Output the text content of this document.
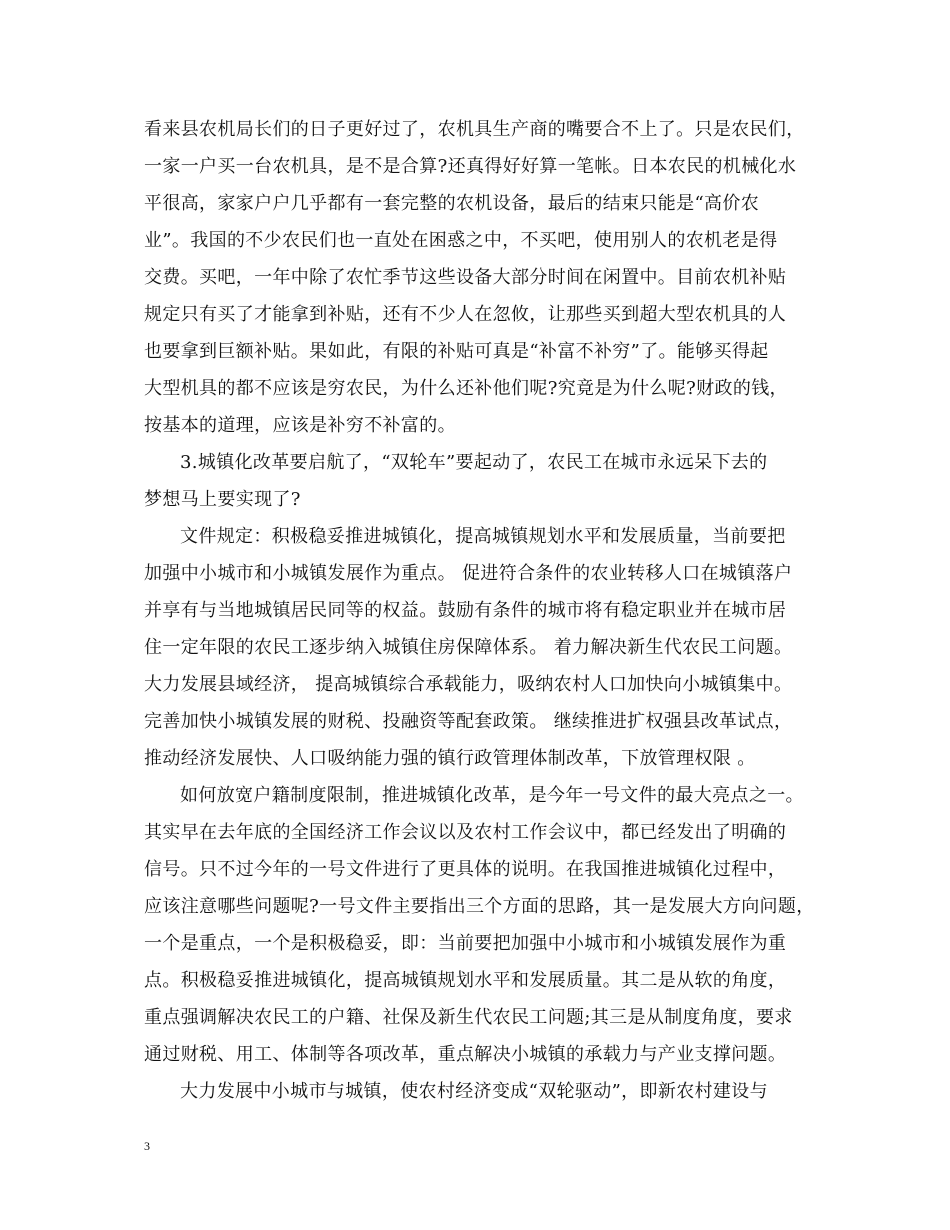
看来县农机局长们的日子更好过了，农机具生产商的嘴要合不上了。只是农民们，
一家一户买一台农机具，是不是合算?还真得好好算一笔帐。日本农民的机械化水
平很高，家家户户几乎都有一套完整的农机设备，最后的结束只能是“高价农
业”。我国的不少农民们也一直处在困惑之中，不买吧，使用别人的农机老是得
交费。买吧，一年中除了农忙季节这些设备大部分时间在闲置中。目前农机补贴
规定只有买了才能拿到补贴，还有不少人在忽攸，让那些买到超大型农机具的人
也要拿到巨额补贴。果如此，有限的补贴可真是“补富不补穷”了。能够买得起
大型机具的都不应该是穷农民，为什么还补他们呢?究竟是为什么呢?财政的钱，
按基本的道理，应该是补穷不补富的。
3.城镇化改革要启航了，“双轮车”要起动了，农民工在城市永远呆下去的
梦想马上要实现了?
文件规定：积极稳妥推进城镇化，提高城镇规划水平和发展质量，当前要把
加强中小城市和小城镇发展作为重点。 促进符合条件的农业转移人口在城镇落户
并享有与当地城镇居民同等的权益。鼓励有条件的城市将有稳定职业并在城市居
住一定年限的农民工逐步纳入城镇住房保障体系。 着力解决新生代农民工问题。
大力发展县域经济， 提高城镇综合承载能力，吸纳农村人口加快向小城镇集中。
完善加快小城镇发展的财税、投融资等配套政策。 继续推进扩权强县改革试点，
推动经济发展快、人口吸纳能力强的镇行政管理体制改革，下放管理权限 。
如何放宽户籍制度限制，推进城镇化改革，是今年一号文件的最大亮点之一。
其实早在去年底的全国经济工作会议以及农村工作会议中，都已经发出了明确的
信号。只不过今年的一号文件进行了更具体的说明。在我国推进城镇化过程中，
应该注意哪些问题呢?一号文件主要指出三个方面的思路，其一是发展大方向问题，
一个是重点，一个是积极稳妥，即：当前要把加强中小城市和小城镇发展作为重
点。积极稳妥推进城镇化，提高城镇规划水平和发展质量。其二是从软的角度，
重点强调解决农民工的户籍、社保及新生代农民工问题;其三是从制度角度，要求
通过财税、用工、体制等各项改革，重点解决小城镇的承载力与产业支撑问题。
大力发展中小城市与城镇，使农村经济变成“双轮驱动”，即新农村建设与
3
